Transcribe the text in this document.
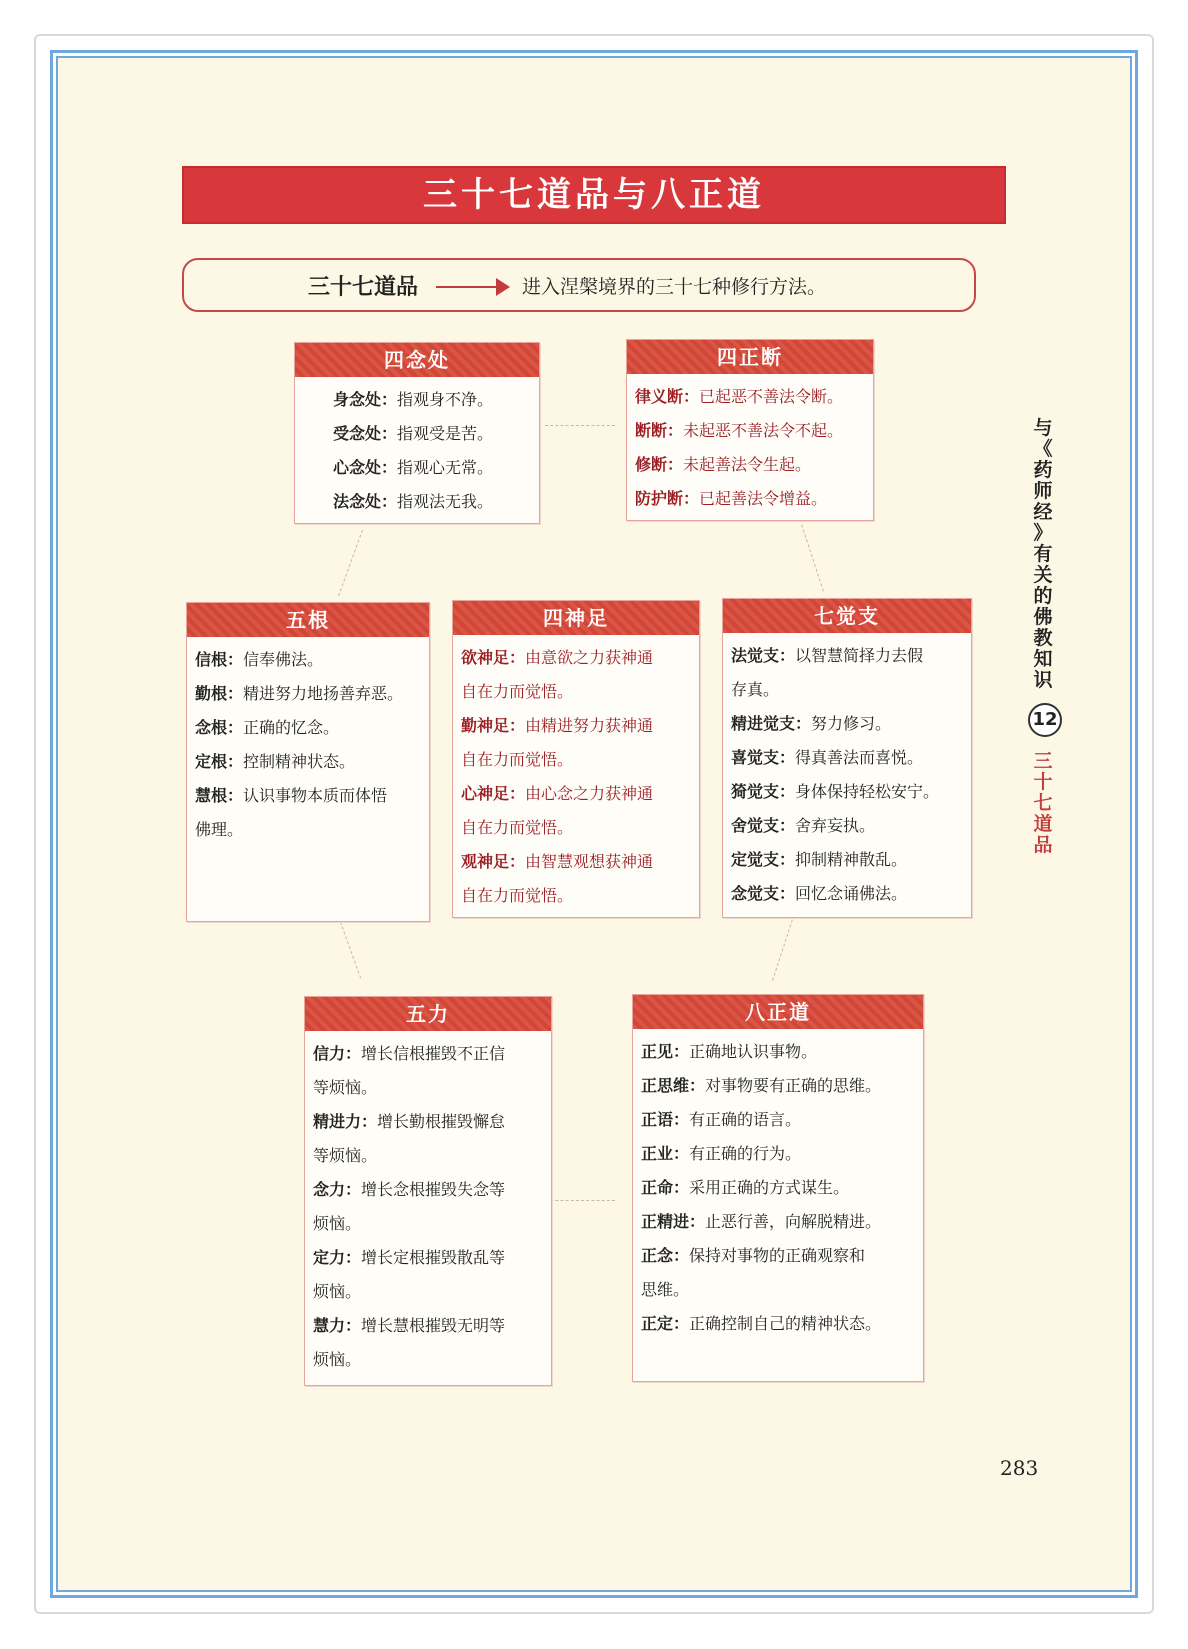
三十七道品与八正道
三十七道品	进入涅槃境界的三十七种修行方法。
四念处
身念处：指观身不净。
受念处：指观受是苦。
心念处：指观心无常。
法念处：指观法无我。
四正断
律义断：已起恶不善法令断。
断断：未起恶不善法令不起。
修断：未起善法令生起。
防护断：已起善法令增益。
五根
信根：信奉佛法。
勤根：精进努力地扬善弃恶。
念根：正确的忆念。
定根：控制精神状态。
慧根：认识事物本质而体悟
佛理。
四神足
欲神足：由意欲之力获神通
自在力而觉悟。
勤神足：由精进努力获神通
自在力而觉悟。
心神足：由心念之力获神通
自在力而觉悟。
观神足：由智慧观想获神通
自在力而觉悟。
七觉支
法觉支：以智慧简择力去假
存真。
精进觉支：努力修习。
喜觉支：得真善法而喜悦。
猗觉支：身体保持轻松安宁。
舍觉支：舍弃妄执。
定觉支：抑制精神散乱。
念觉支：回忆念诵佛法。
五力
信力：增长信根摧毁不正信
等烦恼。
精进力：增长勤根摧毁懈怠
等烦恼。
念力：增长念根摧毁失念等
烦恼。
定力：增长定根摧毁散乱等
烦恼。
慧力：增长慧根摧毁无明等
烦恼。
八正道
正见：正确地认识事物。
正思维：对事物要有正确的思维。
正语：有正确的语言。
正业：有正确的行为。
正命：采用正确的方式谋生。
正精进：止恶行善，向解脱精进。
正念：保持对事物的正确观察和
思维。
正定：正确控制自己的精神状态。
与
《
药
师
经
》
有
关
的
佛
教
知
识
12
三
十
七
道
品
283
